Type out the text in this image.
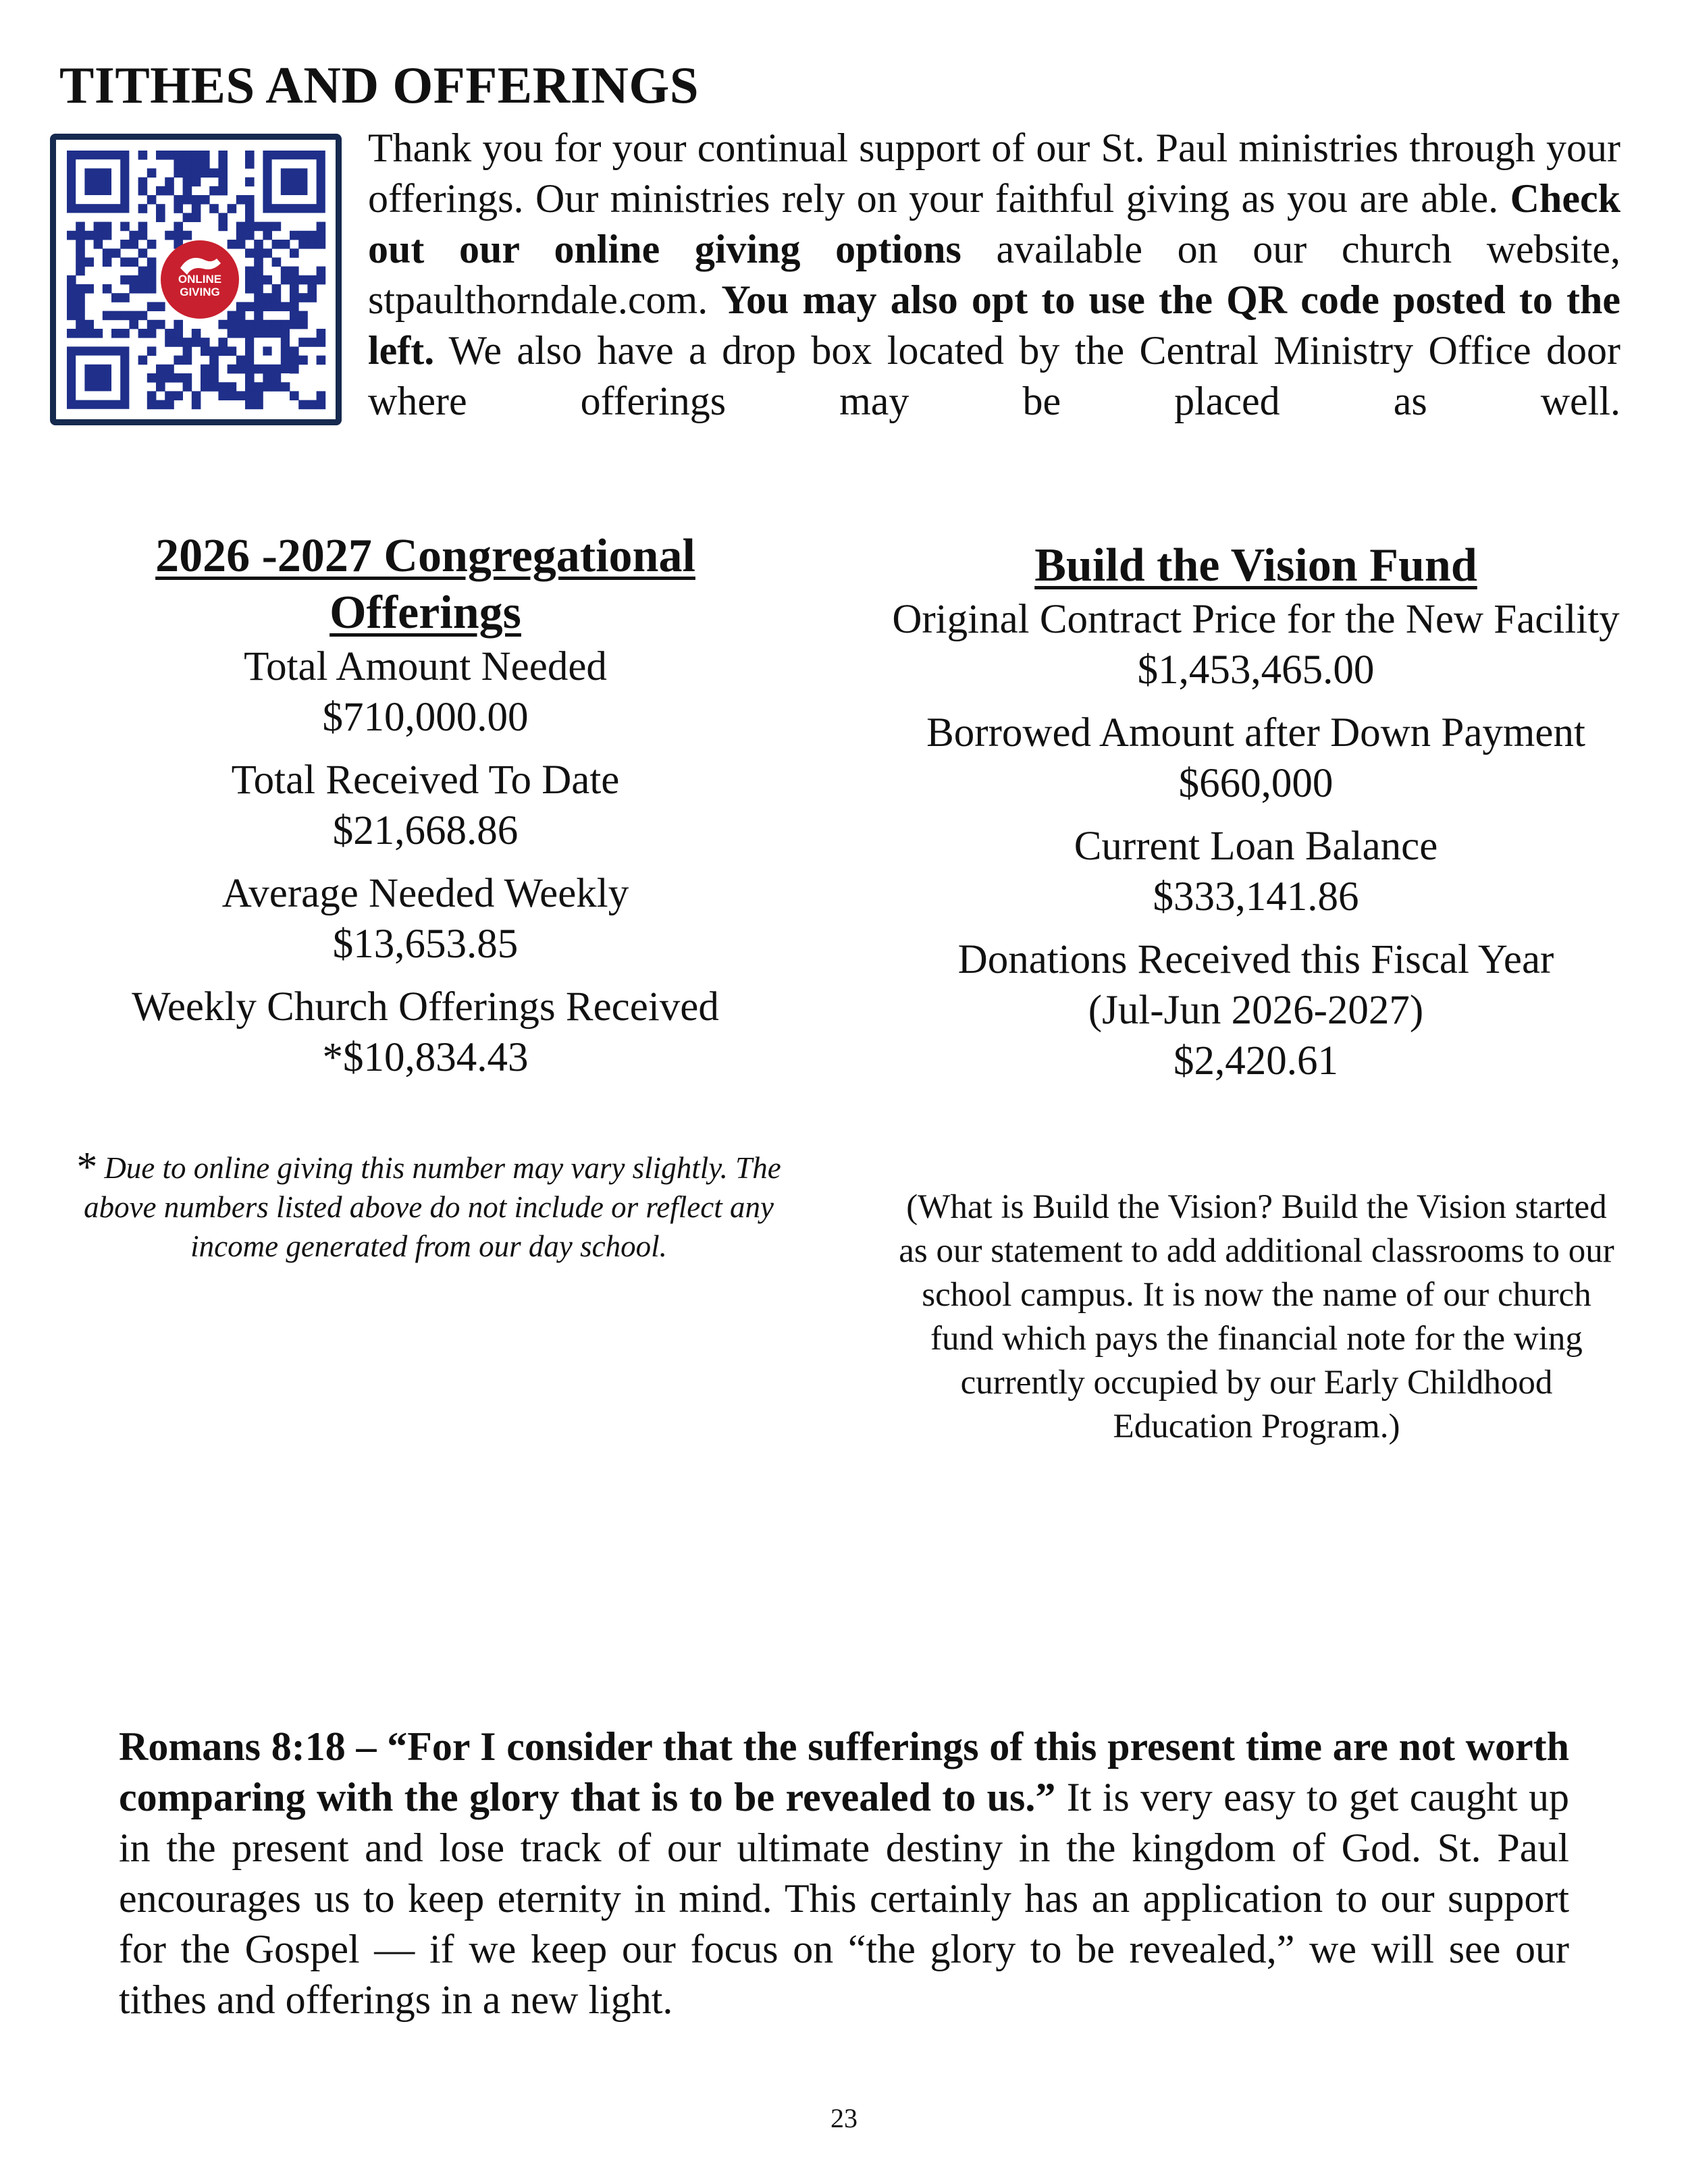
TITHES AND OFFERINGS
ONLINE
GIVING

Thank you for your continual support of our St. Paul ministries through your offerings. Our ministries rely on your faithful giving as you are able. Check out our online giving options available on our church website, stpaulthorndale.com. You may also opt to use the QR code posted to the left. We also have a drop box located by the Central Ministry Office door where offerings may be placed as well.

2026 -2027 Congregational
Offerings

Total Amount Needed
$710,000.00

Total Received To Date
$21,668.86

Average Needed Weekly
$13,653.85

Weekly Church Offerings Received
*$10,834.43

* Due to online giving this number may vary slightly. The above numbers listed above do not include or reflect any income generated from our day school.

Build the Vision Fund

Original Contract Price for the New Facility
$1,453,465.00

Borrowed Amount after Down Payment
$660,000

Current Loan Balance
$333,141.86

Donations Received this Fiscal Year
(Jul-Jun 2026-2027)
$2,420.61

(What is Build the Vision? Build the Vision started as our statement to add additional classrooms to our school campus. It is now the name of our church fund which pays the financial note for the wing currently occupied by our Early Childhood Education Program.)

Romans 8:18 – “For I consider that the sufferings of this present time are not worth comparing with the glory that is to be revealed to us.” It is very easy to get caught up in the present and lose track of our ultimate destiny in the kingdom of God. St. Paul encourages us to keep eternity in mind. This certainly has an application to our support for the Gospel — if we keep our focus on “the glory to be revealed,” we will see our tithes and offerings in a new light.

23
